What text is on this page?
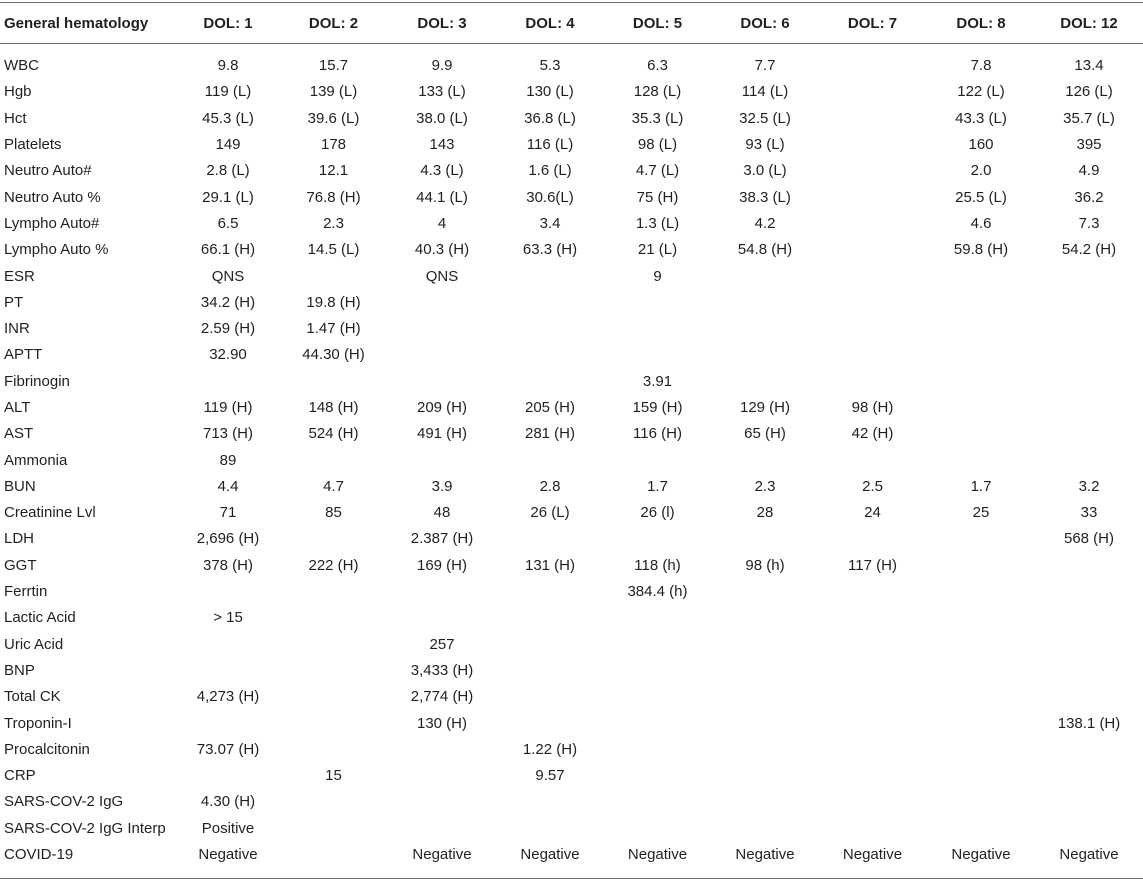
General hematology	DOL: 1	DOL: 2	DOL: 3	DOL: 4	DOL: 5	DOL: 6	DOL: 7	DOL: 8	DOL: 12

WBC	9.8	15.7	9.9	5.3	6.3	7.7		7.8	13.4
Hgb	119 (L)	139 (L)	133 (L)	130 (L)	128 (L)	114 (L)		122 (L)	126 (L)
Hct	45.3 (L)	39.6 (L)	38.0 (L)	36.8 (L)	35.3 (L)	32.5 (L)		43.3 (L)	35.7 (L)
Platelets	149	178	143	116 (L)	98 (L)	93 (L)		160	395
Neutro Auto#	2.8 (L)	12.1	4.3 (L)	1.6 (L)	4.7 (L)	3.0 (L)		2.0	4.9
Neutro Auto %	29.1 (L)	76.8 (H)	44.1 (L)	30.6(L)	75 (H)	38.3 (L)		25.5 (L)	36.2
Lympho Auto#	6.5	2.3	4	3.4	1.3 (L)	4.2		4.6	7.3
Lympho Auto %	66.1 (H)	14.5 (L)	40.3 (H)	63.3 (H)	21 (L)	54.8 (H)		59.8 (H)	54.2 (H)
ESR	QNS		QNS		9				
PT	34.2 (H)	19.8 (H)							
INR	2.59 (H)	1.47 (H)							
APTT	32.90	44.30 (H)							
Fibrinogin					3.91				
ALT	119 (H)	148 (H)	209 (H)	205 (H)	159 (H)	129 (H)	98 (H)		
AST	713 (H)	524 (H)	491 (H)	281 (H)	116 (H)	65 (H)	42 (H)		
Ammonia	89								
BUN	4.4	4.7	3.9	2.8	1.7	2.3	2.5	1.7	3.2
Creatinine Lvl	71	85	48	26 (L)	26 (l)	28	24	25	33
LDH	2,696 (H)		2.387 (H)						568 (H)
GGT	378 (H)	222 (H)	169 (H)	131 (H)	118 (h)	98 (h)	117 (H)		
Ferrtin					384.4 (h)				
Lactic Acid	> 15								
Uric Acid			257						
BNP			3,433 (H)						
Total CK	4,273 (H)		2,774 (H)						
Troponin-I			130 (H)						138.1 (H)
Procalcitonin	73.07 (H)			1.22 (H)					
CRP		15		9.57					
SARS-COV-2 IgG	4.30 (H)								
SARS-COV-2 IgG Interp	Positive								
COVID-19	Negative		Negative	Negative	Negative	Negative	Negative	Negative	Negative
